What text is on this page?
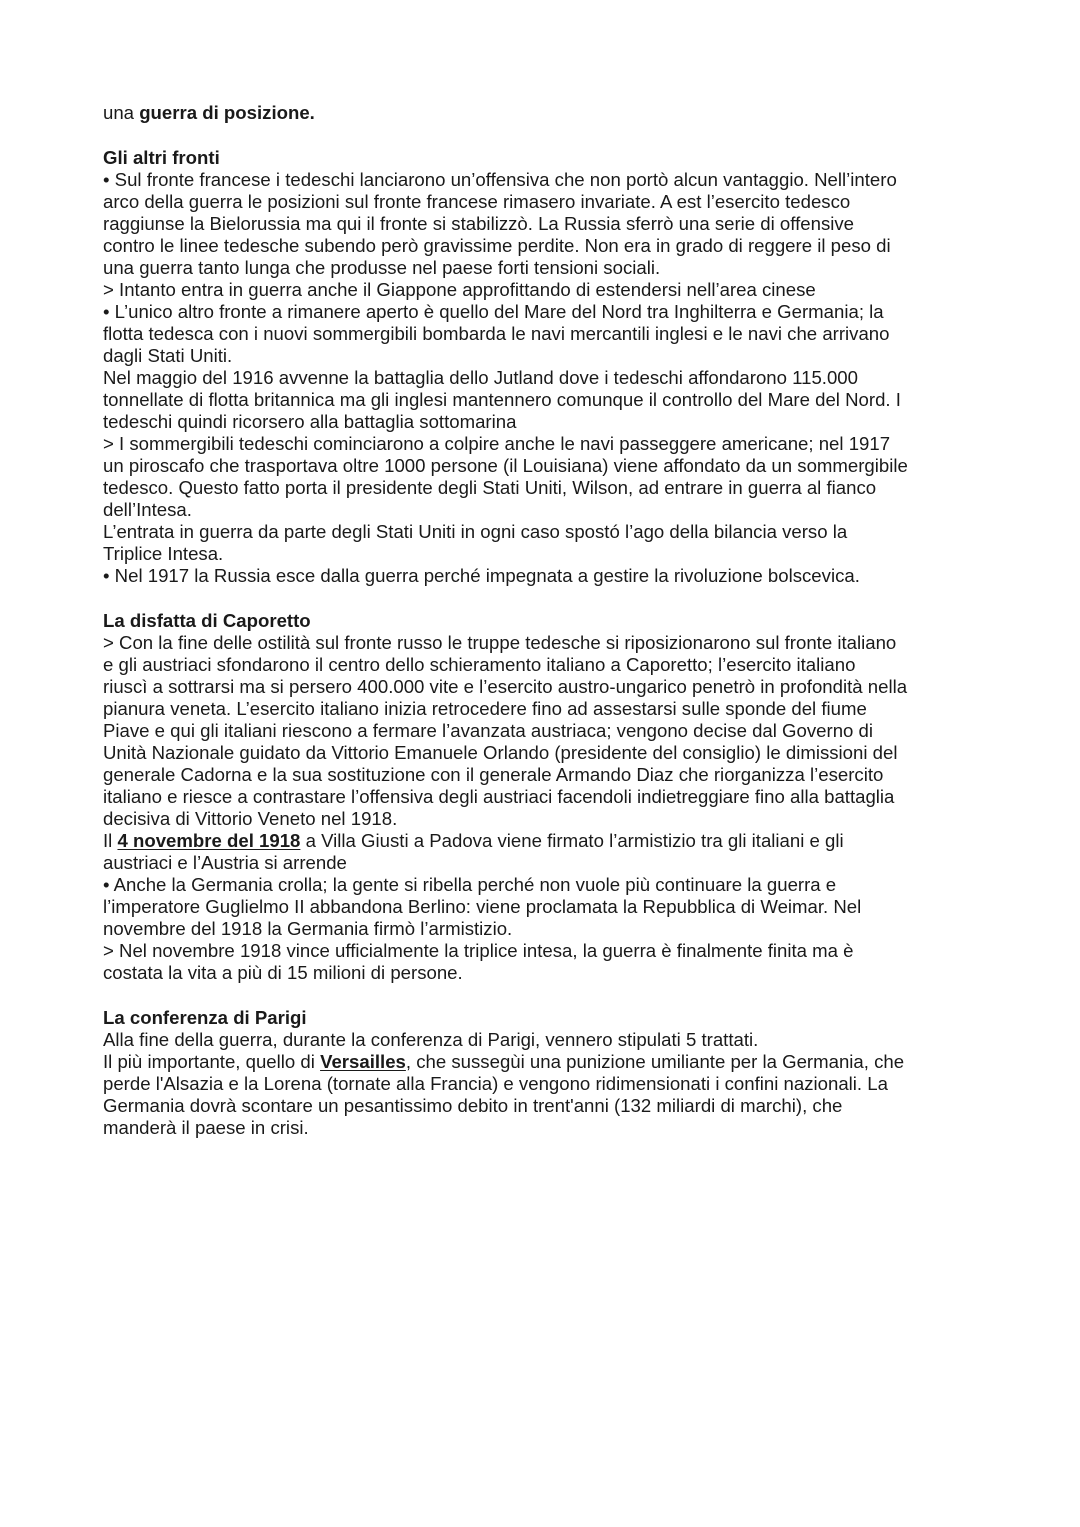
una guerra di posizione.

Gli altri fronti

• Sul fronte francese i tedeschi lanciarono un’offensiva che non portò alcun vantaggio. Nell’intero

arco della guerra le posizioni sul fronte francese rimasero invariate. A est l’esercito tedesco

raggiunse la Bielorussia ma qui il fronte si stabilizzò. La Russia sferrò una serie di offensive

contro le linee tedesche subendo però gravissime perdite. Non era in grado di reggere il peso di

una guerra tanto lunga che produsse nel paese forti tensioni sociali.

> Intanto entra in guerra anche il Giappone approfittando di estendersi nell’area cinese

• L’unico altro fronte a rimanere aperto è quello del Mare del Nord tra Inghilterra e Germania; la

flotta tedesca con i nuovi sommergibili bombarda le navi mercantili inglesi e le navi che arrivano

dagli Stati Uniti.

Nel maggio del 1916 avvenne la battaglia dello Jutland dove i tedeschi affondarono 115.000

tonnellate di flotta britannica ma gli inglesi mantennero comunque il controllo del Mare del Nord. I

tedeschi quindi ricorsero alla battaglia sottomarina

> I sommergibili tedeschi cominciarono a colpire anche le navi passeggere americane; nel 1917

un piroscafo che trasportava oltre 1000 persone (il Louisiana) viene affondato da un sommergibile

tedesco. Questo fatto porta il presidente degli Stati Uniti, Wilson, ad entrare in guerra al fianco

dell’Intesa.

L’entrata in guerra da parte degli Stati Uniti in ogni caso spostó l’ago della bilancia verso la

Triplice Intesa.

• Nel 1917 la Russia esce dalla guerra perché impegnata a gestire la rivoluzione bolscevica.

La disfatta di Caporetto

> Con la fine delle ostilità sul fronte russo le truppe tedesche si riposizionarono sul fronte italiano

e gli austriaci sfondarono il centro dello schieramento italiano a Caporetto; l’esercito italiano

riuscì a sottrarsi ma si persero 400.000 vite e l’esercito austro-ungarico penetrò in profondità nella

pianura veneta. L’esercito italiano inizia retrocedere fino ad assestarsi sulle sponde del fiume

Piave e qui gli italiani riescono a fermare l’avanzata austriaca; vengono decise dal Governo di

Unità Nazionale guidato da Vittorio Emanuele Orlando (presidente del consiglio) le dimissioni del

generale Cadorna e la sua sostituzione con il generale Armando Diaz che riorganizza l’esercito

italiano e riesce a contrastare l’offensiva degli austriaci facendoli indietreggiare fino alla battaglia

decisiva di Vittorio Veneto nel 1918.

Il 4 novembre del 1918 a Villa Giusti a Padova viene firmato l’armistizio tra gli italiani e gli

austriaci e l’Austria si arrende

• Anche la Germania crolla; la gente si ribella perché non vuole più continuare la guerra e

l’imperatore Guglielmo II abbandona Berlino: viene proclamata la Repubblica di Weimar. Nel

novembre del 1918 la Germania firmò l’armistizio.

> Nel novembre 1918 vince ufficialmente la triplice intesa, la guerra è finalmente finita ma è

costata la vita a più di 15 milioni di persone.

La conferenza di Parigi

Alla fine della guerra, durante la conferenza di Parigi, vennero stipulati 5 trattati.

Il più importante, quello di Versailles, che sussegùi una punizione umiliante per la Germania, che

perde l'Alsazia e la Lorena (tornate alla Francia) e vengono ridimensionati i confini nazionali. La

Germania dovrà scontare un pesantissimo debito in trent'anni (132 miliardi di marchi), che

manderà il paese in crisi.
